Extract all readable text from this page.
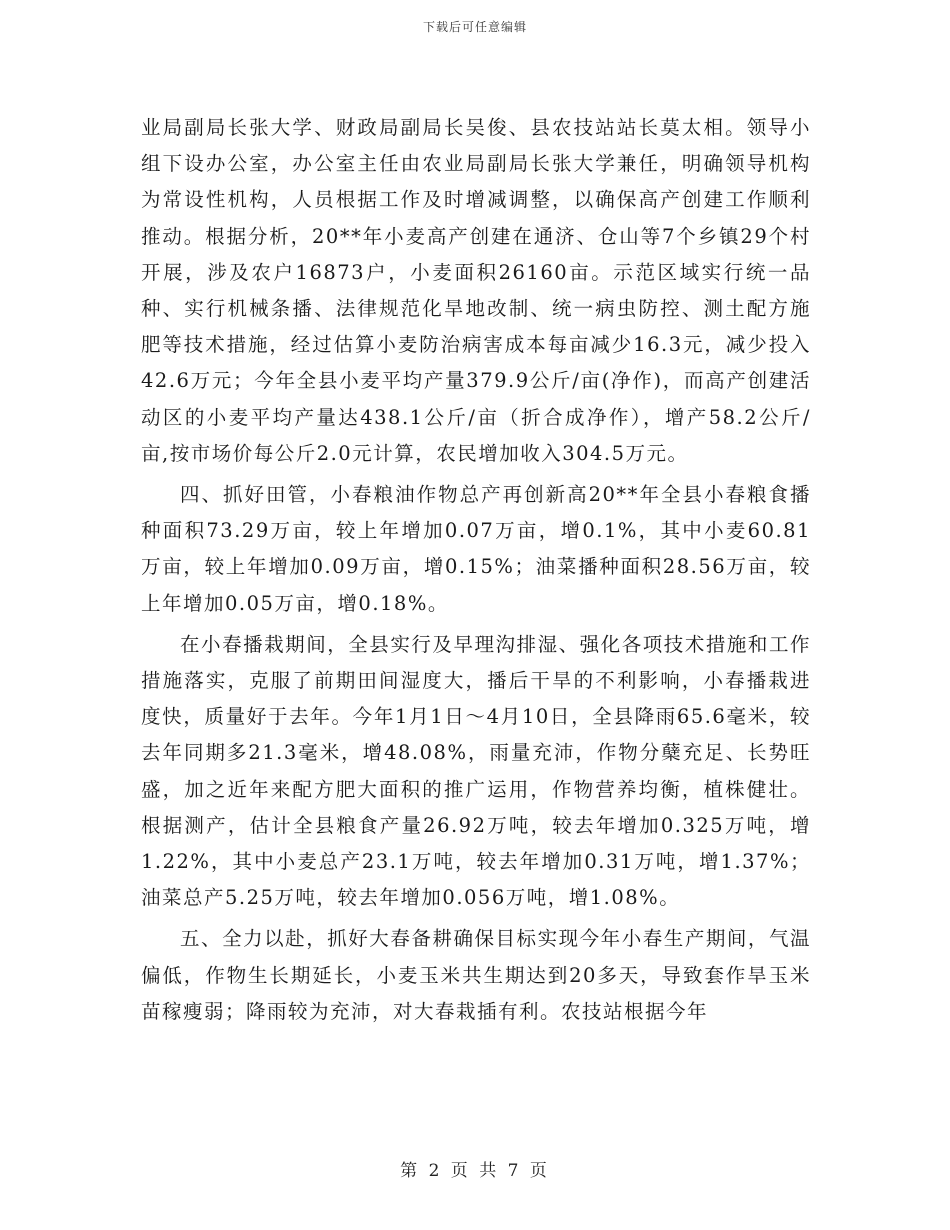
下载后可任意编辑

业局副局长张大学、财政局副局长吴俊、县农技站站长莫太相。领导小组下设办公室，办公室主任由农业局副局长张大学兼任，明确领导机构为常设性机构，人员根据工作及时增减调整，以确保高产创建工作顺利推动。根据分析，20**年小麦高产创建在通济、仓山等7个乡镇29个村开展，涉及农户16873户，小麦面积26160亩。示范区域实行统一品种、实行机械条播、法律规范化旱地改制、统一病虫防控、测土配方施肥等技术措施，经过估算小麦防治病害成本每亩减少16.3元，减少投入42.6万元；今年全县小麦平均产量379.9公斤/亩(净作)，而高产创建活动区的小麦平均产量达438.1公斤/亩（折合成净作），增产58.2公斤/亩,按市场价每公斤2.0元计算，农民增加收入304.5万元。

四、抓好田管，小春粮油作物总产再创新高20**年全县小春粮食播种面积73.29万亩，较上年增加0.07万亩，增0.1%，其中小麦60.81万亩，较上年增加0.09万亩，增0.15%；油菜播种面积28.56万亩，较上年增加0.05万亩，增0.18%。

在小春播栽期间，全县实行及早理沟排湿、强化各项技术措施和工作措施落实，克服了前期田间湿度大，播后干旱的不利影响，小春播栽进度快，质量好于去年。今年1月1日～4月10日，全县降雨65.6毫米，较去年同期多21.3毫米，增48.08%，雨量充沛，作物分蘖充足、长势旺盛，加之近年来配方肥大面积的推广运用，作物营养均衡，植株健壮。根据测产，估计全县粮食产量26.92万吨，较去年增加0.325万吨，增1.22%，其中小麦总产23.1万吨，较去年增加0.31万吨，增1.37%；油菜总产5.25万吨，较去年增加0.056万吨，增1.08%。

五、全力以赴，抓好大春备耕确保目标实现今年小春生产期间，气温偏低，作物生长期延长，小麦玉米共生期达到20多天，导致套作旱玉米苗稼瘦弱；降雨较为充沛，对大春栽插有利。农技站根据今年

第 2 页 共 7 页
